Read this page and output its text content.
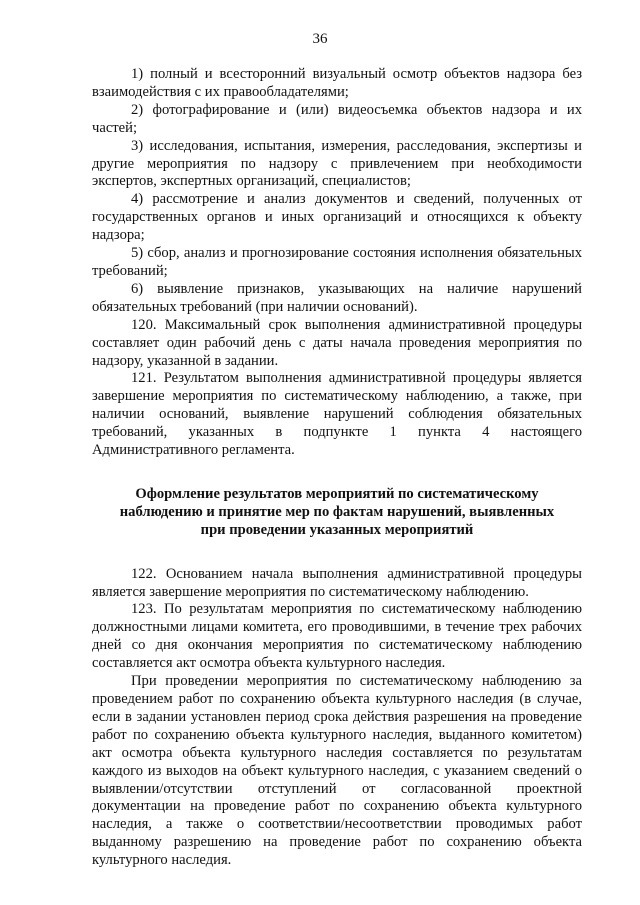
36

1) полный и всесторонний визуальный осмотр объектов надзора без взаимодействия с их правообладателями;

2) фотографирование и (или) видеосъемка объектов надзора и их частей;

3) исследования, испытания, измерения, расследования, экспертизы и другие мероприятия по надзору с привлечением при необходимости экспертов, экспертных организаций, специалистов;

4) рассмотрение и анализ документов и сведений, полученных от государственных органов и иных организаций и относящихся к объекту надзора;

5) сбор, анализ и прогнозирование состояния исполнения обязательных требований;

6) выявление признаков, указывающих на наличие нарушений обязательных требований (при наличии оснований).

120. Максимальный срок выполнения административной процедуры составляет один рабочий день с даты начала проведения мероприятия по надзору, указанной в задании.

121. Результатом выполнения административной процедуры является завершение мероприятия по систематическому наблюдению, а также, при наличии оснований, выявление нарушений соблюдения обязательных требований, указанных в подпункте 1 пункта 4 настоящего Административного регламента.

Оформление результатов мероприятий по систематическому
наблюдению и принятие мер по фактам нарушений, выявленных
при проведении указанных мероприятий

122. Основанием начала выполнения административной процедуры является завершение мероприятия по систематическому наблюдению.

123. По результатам мероприятия по систематическому наблюдению должностными лицами комитета, его проводившими, в течение трех рабочих дней со дня окончания мероприятия по систематическому наблюдению составляется акт осмотра объекта культурного наследия.

При проведении мероприятия по систематическому наблюдению за проведением работ по сохранению объекта культурного наследия (в случае, если в задании установлен период срока действия разрешения на проведение работ по сохранению объекта культурного наследия, выданного комитетом) акт осмотра объекта культурного наследия составляется по результатам каждого из выходов на объект культурного наследия, с указанием сведений о выявлении/отсутствии отступлений от согласованной проектной документации на проведение работ по сохранению объекта культурного наследия, а также о соответствии/несоответствии проводимых работ выданному разрешению на проведение работ по сохранению объекта культурного наследия.
